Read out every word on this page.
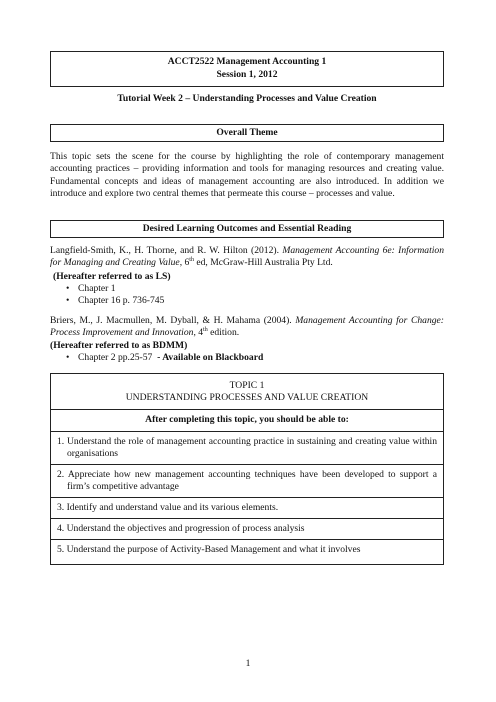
ACCT2522 Management Accounting 1
Session 1, 2012
Tutorial Week 2 – Understanding Processes and Value Creation
Overall Theme
This topic sets the scene for the course by highlighting the role of contemporary management accounting practices – providing information and tools for managing resources and creating value. Fundamental concepts and ideas of management accounting are also introduced. In addition we introduce and explore two central themes that permeate this course – processes and value.
Desired Learning Outcomes and Essential Reading
Langfield-Smith, K., H. Thorne, and R. W. Hilton (2012). Management Accounting 6e: Information for Managing and Creating Value, 6th ed, McGraw-Hill Australia Pty Ltd.
(Hereafter referred to as LS)
• Chapter 1
• Chapter 16 p. 736-745
Briers, M., J. Macmullen, M. Dyball, & H. Mahama (2004). Management Accounting for Change: Process Improvement and Innovation, 4th edition.
(Hereafter referred to as BDMM)
• Chapter 2 pp.25-57  - Available on Blackboard
TOPIC 1
UNDERSTANDING PROCESSES AND VALUE CREATION
After completing this topic, you should be able to:
1. Understand the role of management accounting practice in sustaining and creating value within organisations
2. Appreciate how new management accounting techniques have been developed to support a firm’s competitive advantage
3. Identify and understand value and its various elements.
4. Understand the objectives and progression of process analysis
5. Understand the purpose of Activity-Based Management and what it involves
1
